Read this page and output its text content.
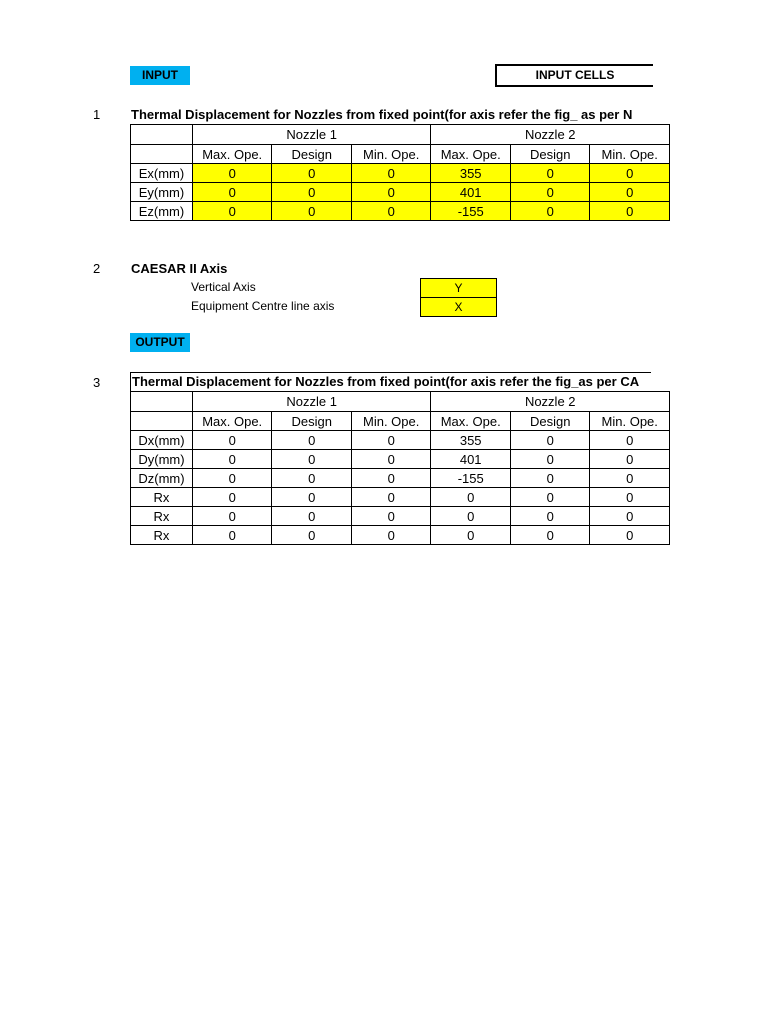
INPUT	INPUT CELLS
1 Thermal Displacement for Nozzles from fixed point(for axis refer the fig_ as per N
	Nozzle 1			Nozzle 2		
	Max. Ope.	Design	Min. Ope.	Max. Ope.	Design	Min. Ope.
Ex(mm)	0	0	0	355	0	0
Ey(mm)	0	0	0	401	0	0
Ez(mm)	0	0	0	-155	0	0
2 CAESAR II Axis
Vertical Axis	Y
Equipment Centre line axis	X
OUTPUT
3 Thermal Displacement for Nozzles from fixed point(for axis refer the fig_as per CA
	Nozzle 1			Nozzle 2		
	Max. Ope.	Design	Min. Ope.	Max. Ope.	Design	Min. Ope.
Dx(mm)	0	0	0	355	0	0
Dy(mm)	0	0	0	401	0	0
Dz(mm)	0	0	0	-155	0	0
Rx	0	0	0	0	0	0
Rx	0	0	0	0	0	0
Rx	0	0	0	0	0	0
